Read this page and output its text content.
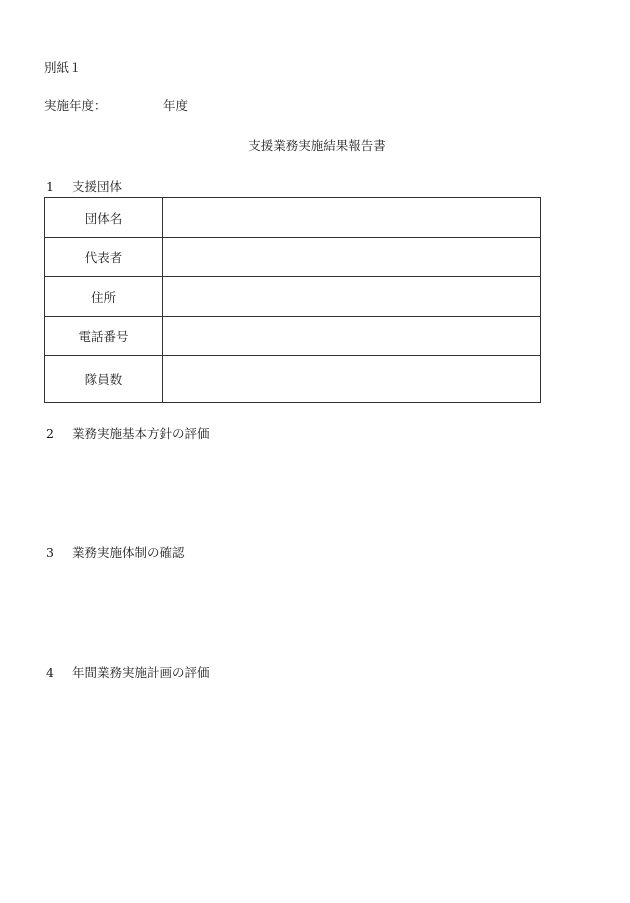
別紙１
実施年度：	年度
支援業務実施結果報告書
1 支援団体
団体名	
代表者	
住所	
電話番号	
隊員数	
2 業務実施基本方針の評価
3 業務実施体制の確認
4 年間業務実施計画の評価
